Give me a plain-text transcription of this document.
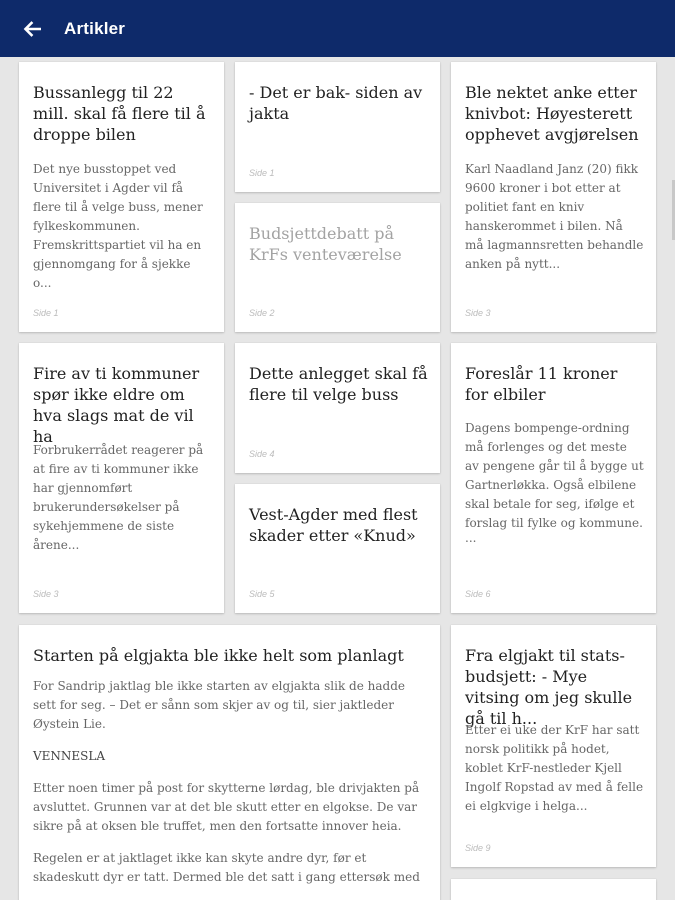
Artikler
Bussanlegg til 22 mill. skal få flere til å droppe bilen
Det nye busstoppet ved Universitet i Agder vil få flere til å velge buss, mener fylkeskommunen. Fremskrittspartiet vil ha en gjennomgang for å sjekke o...
Side 1
- Det er bak- siden av jakta
Side 1
Budsjettdebatt på KrFs venteværelse
Side 2
Ble nektet anke etter knivbot: Høyesterett opphevet avgjørelsen
Karl Naadland Janz (20) fikk 9600 kroner i bot etter at politiet fant en kniv hanskerommet i bilen. Nå må lagmannsretten behandle anken på nytt...
Side 3
Fire av ti kommuner spør ikke eldre om hva slags mat de vil ha
Forbrukerrådet reagerer på at fire av ti kommuner ikke har gjennomført brukerundersøkelser på sykehjemmene de siste årene...
Side 3
Dette anlegget skal få flere til velge buss
Side 4
Vest-Agder med flest skader etter «Knud»
Side 5
Foreslår 11 kroner for elbiler
Dagens bompenge-ordning må forlenges og det meste av pengene går til å bygge ut Gartnerløkka. Også elbilene skal betale for seg, ifølge et forslag til fylke og kommune.
...
Side 6
Starten på elgjakta ble ikke helt som planlagt
For Sandrip jaktlag ble ikke starten av elgjakta slik de hadde sett for seg. – Det er sånn som skjer av og til, sier jaktleder Øystein Lie.
VENNESLA
Etter noen timer på post for skytterne lørdag, ble drivjakten på avsluttet. Grunnen var at det ble skutt etter en elgokse. De var sikre på at oksen ble truffet, men den fortsatte innover heia.
Regelen er at jaktlaget ikke kan skyte andre dyr, før et skadeskutt dyr er tatt. Dermed ble det satt i gang ettersøk med
Fra elgjakt til stats-budsjett: - Mye vitsing om jeg skulle gå til h...
Etter ei uke der KrF har satt norsk politikk på hodet, koblet KrF-nestleder Kjell Ingolf Ropstad av med å felle ei elgkvige i helga...
Side 9
